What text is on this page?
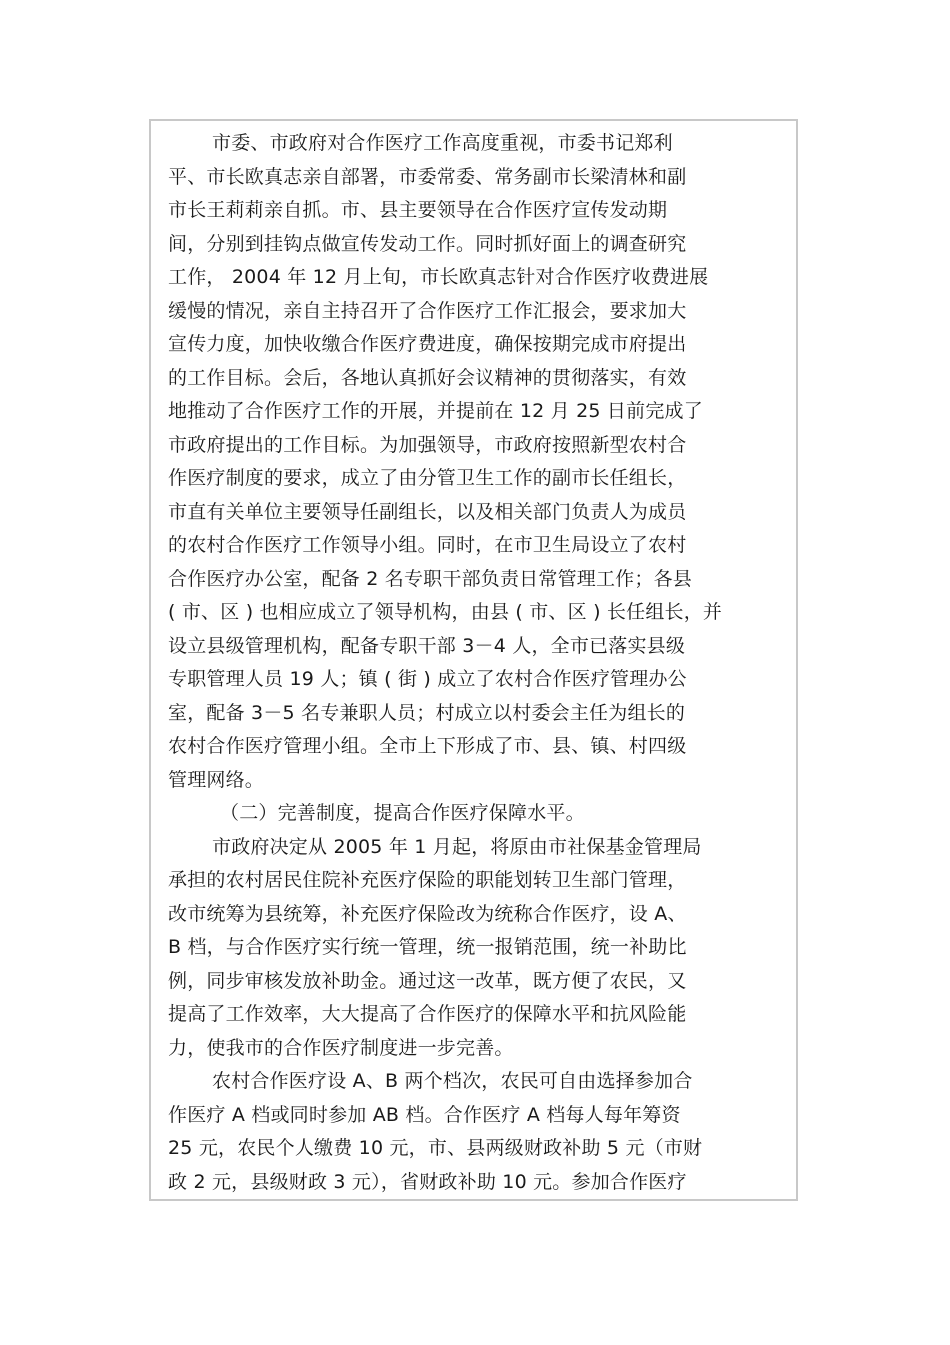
市委、市政府对合作医疗工作高度重视，市委书记郑利
平、市长欧真志亲自部署，市委常委、常务副市长梁清林和副
市长王莉莉亲自抓。市、县主要领导在合作医疗宣传发动期
间，分别到挂钩点做宣传发动工作。同时抓好面上的调查研究
工作， 2004 年 12 月上旬，市长欧真志针对合作医疗收费进展
缓慢的情况，亲自主持召开了合作医疗工作汇报会，要求加大
宣传力度，加快收缴合作医疗费进度，确保按期完成市府提出
的工作目标。会后，各地认真抓好会议精神的贯彻落实，有效
地推动了合作医疗工作的开展，并提前在 12 月 25 日前完成了
市政府提出的工作目标。为加强领导，市政府按照新型农村合
作医疗制度的要求，成立了由分管卫生工作的副市长任组长，
市直有关单位主要领导任副组长，以及相关部门负责人为成员
的农村合作医疗工作领导小组。同时，在市卫生局设立了农村
合作医疗办公室，配备 2 名专职干部负责日常管理工作；各县
( 市、区 ) 也相应成立了领导机构，由县 ( 市、区 ) 长任组长，并
设立县级管理机构，配备专职干部 3－4 人，全市已落实县级
专职管理人员 19 人；镇 ( 街 ) 成立了农村合作医疗管理办公
室，配备 3－5 名专兼职人员；村成立以村委会主任为组长的
农村合作医疗管理小组。全市上下形成了市、县、镇、村四级
管理网络。
（二）完善制度，提高合作医疗保障水平。
市政府决定从 2005 年 1 月起，将原由市社保基金管理局
承担的农村居民住院补充医疗保险的职能划转卫生部门管理，
改市统筹为县统筹，补充医疗保险改为统称合作医疗，设 A、
B 档，与合作医疗实行统一管理，统一报销范围，统一补助比
例，同步审核发放补助金。通过这一改革，既方便了农民，又
提高了工作效率，大大提高了合作医疗的保障水平和抗风险能
力，使我市的合作医疗制度进一步完善。
农村合作医疗设 A、B 两个档次，农民可自由选择参加合
作医疗 A 档或同时参加 AB 档。合作医疗 A 档每人每年筹资
25 元，农民个人缴费 10 元，市、县两级财政补助 5 元（市财
政 2 元，县级财政 3 元），省财政补助 10 元。参加合作医疗
